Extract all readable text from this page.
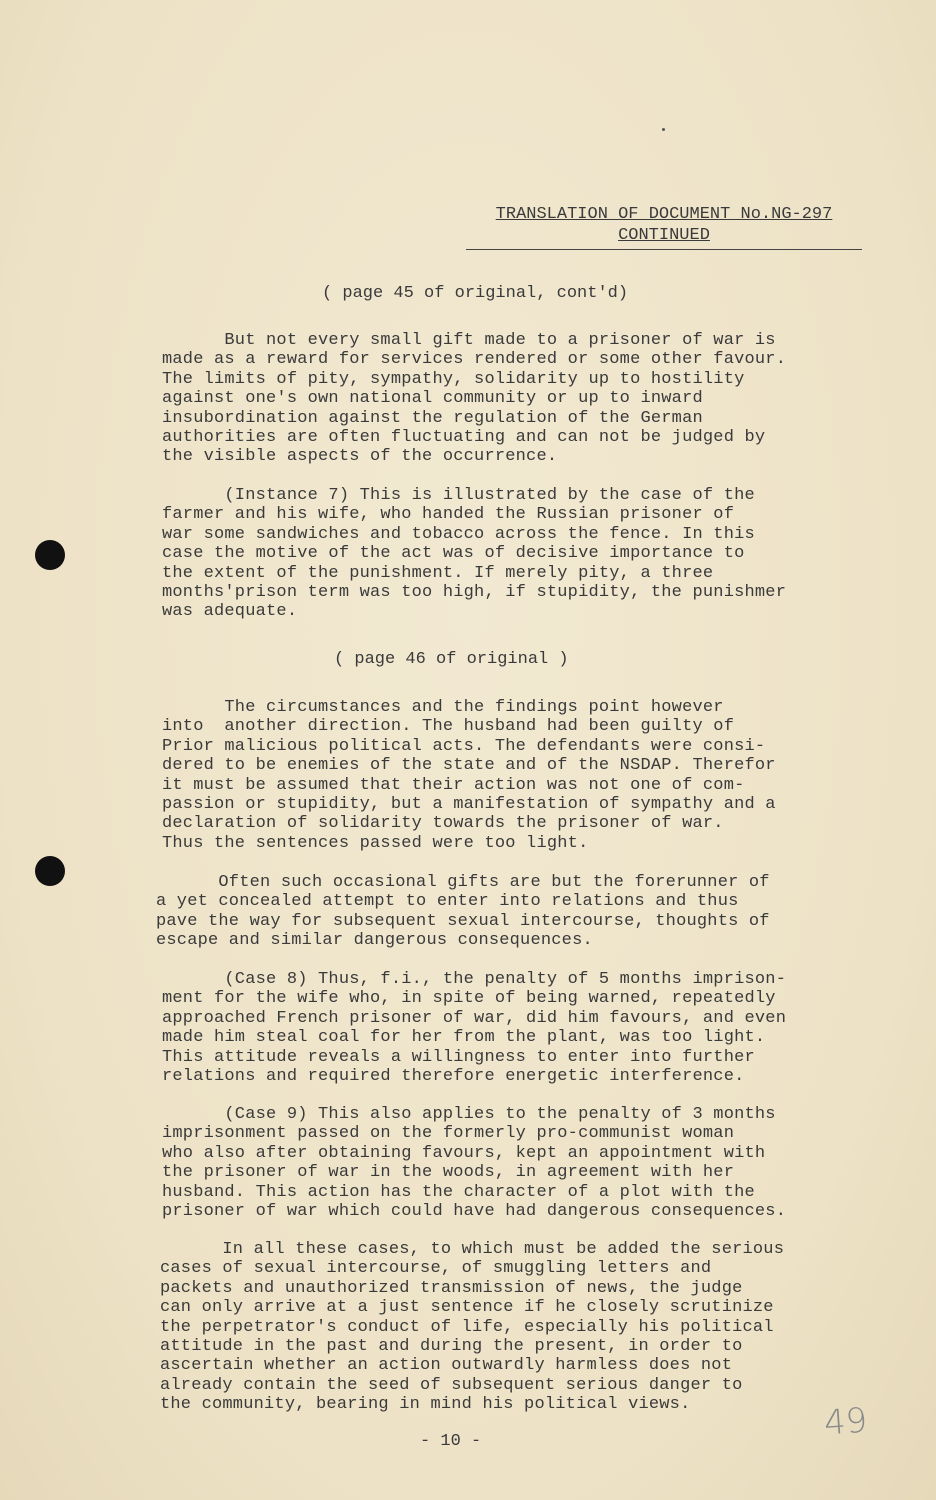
TRANSLATION OF DOCUMENT No.NG-297
CONTINUED
( page 45 of original, cont'd)
But not every small gift made to a prisoner of war is
made as a reward for services rendered or some other favour.
The limits of pity, sympathy, solidarity up to hostility
against one's own national community or up to inward
insubordination against the regulation of the German
authorities are often fluctuating and can not be judged by
the visible aspects of the occurrence.
(Instance 7) This is illustrated by the case of the
farmer and his wife, who handed the Russian prisoner of
war some sandwiches and tobacco across the fence. In this
case the motive of the act was of decisive importance to
the extent of the punishment. If merely pity, a three
months'prison term was too high, if stupidity, the punishmer
was adequate.
( page 46 of original )
The circumstances and the findings point however
into  another direction. The husband had been guilty of
Prior malicious political acts. The defendants were consi-
dered to be enemies of the state and of the NSDAP. Therefor
it must be assumed that their action was not one of com-
passion or stupidity, but a manifestation of sympathy and a
declaration of solidarity towards the prisoner of war.
Thus the sentences passed were too light.
Often such occasional gifts are but the forerunner of
a yet concealed attempt to enter into relations and thus
pave the way for subsequent sexual intercourse, thoughts of
escape and similar dangerous consequences.
(Case 8) Thus, f.i., the penalty of 5 months imprison-
ment for the wife who, in spite of being warned, repeatedly
approached French prisoner of war, did him favours, and even
made him steal coal for her from the plant, was too light.
This attitude reveals a willingness to enter into further
relations and required therefore energetic interference.
(Case 9) This also applies to the penalty of 3 months
imprisonment passed on the formerly pro-communist woman
who also after obtaining favours, kept an appointment with
the prisoner of war in the woods, in agreement with her
husband. This action has the character of a plot with the
prisoner of war which could have had dangerous consequences.
In all these cases, to which must be added the serious
cases of sexual intercourse, of smuggling letters and
packets and unauthorized transmission of news, the judge
can only arrive at a just sentence if he closely scrutinize
the perpetrator's conduct of life, especially his political
attitude in the past and during the present, in order to
ascertain whether an action outwardly harmless does not
already contain the seed of subsequent serious danger to
the community, bearing in mind his political views.
- 10 -	49
